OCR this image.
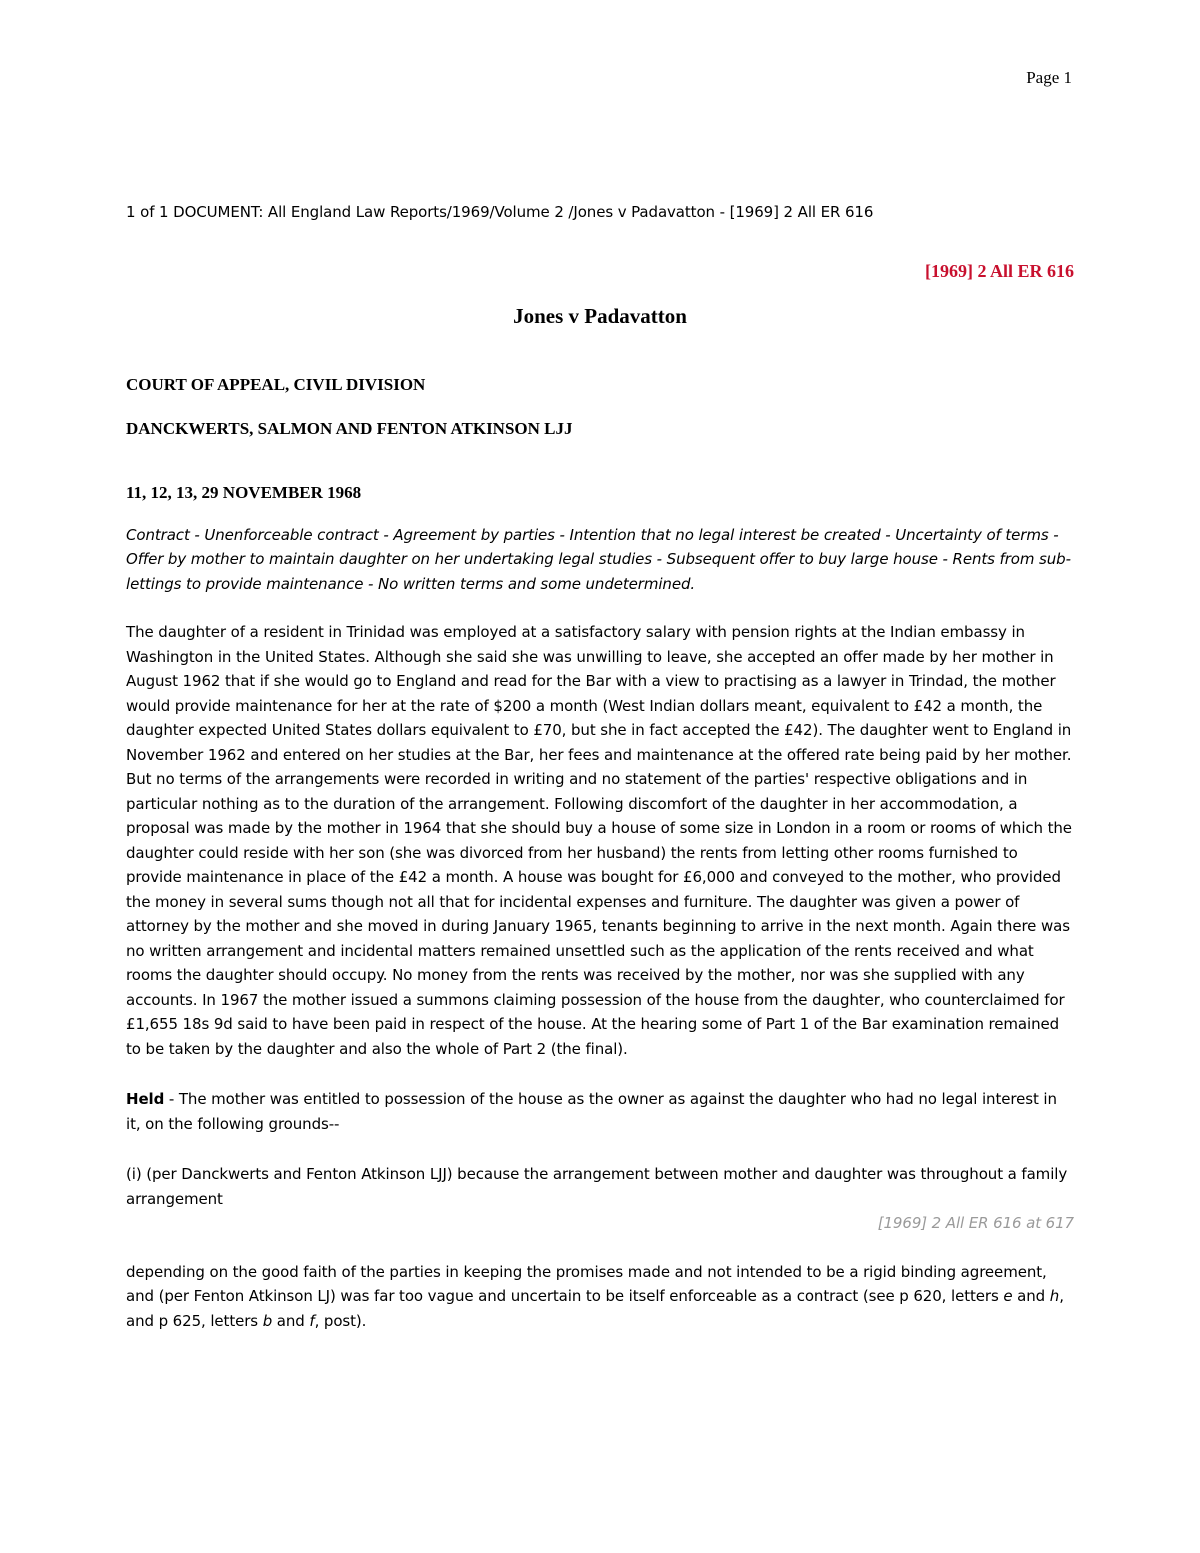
Page 1

1 of 1 DOCUMENT: All England Law Reports/1969/Volume 2 /Jones v Padavatton - [1969] 2 All ER 616

[1969] 2 All ER 616

Jones v Padavatton

COURT OF APPEAL, CIVIL DIVISION

DANCKWERTS, SALMON AND FENTON ATKINSON LJJ

11, 12, 13, 29 NOVEMBER 1968

Contract - Unenforceable contract - Agreement by parties - Intention that no legal interest be created - Uncertainty of terms - Offer by mother to maintain daughter on her undertaking legal studies - Subsequent offer to buy large house - Rents from sub-lettings to provide maintenance - No written terms and some undetermined.

The daughter of a resident in Trinidad was employed at a satisfactory salary with pension rights at the Indian embassy in Washington in the United States. Although she said she was unwilling to leave, she accepted an offer made by her mother in August 1962 that if she would go to England and read for the Bar with a view to practising as a lawyer in Trindad, the mother would provide maintenance for her at the rate of $200 a month (West Indian dollars meant, equivalent to £42 a month, the daughter expected United States dollars equivalent to £70, but she in fact accepted the £42). The daughter went to England in November 1962 and entered on her studies at the Bar, her fees and maintenance at the offered rate being paid by her mother. But no terms of the arrangements were recorded in writing and no statement of the parties' respective obligations and in particular nothing as to the duration of the arrangement. Following discomfort of the daughter in her accommodation, a proposal was made by the mother in 1964 that she should buy a house of some size in London in a room or rooms of which the daughter could reside with her son (she was divorced from her husband) the rents from letting other rooms furnished to provide maintenance in place of the £42 a month. A house was bought for £6,000 and conveyed to the mother, who provided the money in several sums though not all that for incidental expenses and furniture. The daughter was given a power of attorney by the mother and she moved in during January 1965, tenants beginning to arrive in the next month. Again there was no written arrangement and incidental matters remained unsettled such as the application of the rents received and what rooms the daughter should occupy. No money from the rents was received by the mother, nor was she supplied with any accounts. In 1967 the mother issued a summons claiming possession of the house from the daughter, who counterclaimed for £1,655 18s 9d said to have been paid in respect of the house. At the hearing some of Part 1 of the Bar examination remained to be taken by the daughter and also the whole of Part 2 (the final).

Held - The mother was entitled to possession of the house as the owner as against the daughter who had no legal interest in it, on the following grounds--

(i) (per Danckwerts and Fenton Atkinson LJJ) because the arrangement between mother and daughter was throughout a family arrangement

[1969] 2 All ER 616 at 617

depending on the good faith of the parties in keeping the promises made and not intended to be a rigid binding agreement, and (per Fenton Atkinson LJ) was far too vague and uncertain to be itself enforceable as a contract (see p 620, letters e and h, and p 625, letters b and f, post).
